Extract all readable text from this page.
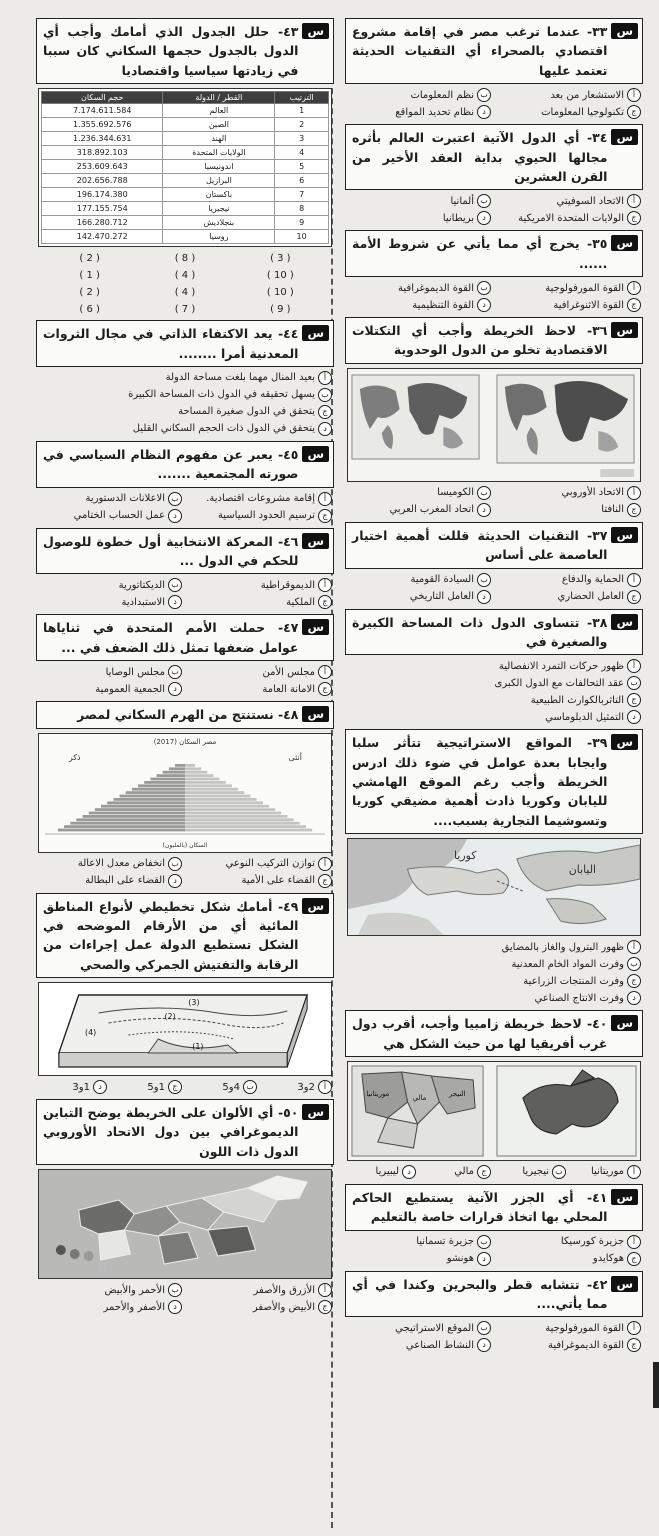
س
٣٣- عندما ترغب مصر في إقامة مشروع اقتصادي بالصحراء أي التقنيات الحديثة تعتمد عليها
أ
الاستشعار من بعد
ب
نظم المعلومات
ج
تكنولوجيا المعلومات
د
نظام تحديد المواقع
س
٣٤- أي الدول الآتية اعتبرت العالم بأثره مجالها الحيوي بداية العقد الأخير من القرن العشرين
أ
الاتحاد السوفيتي
ب
ألمانيا
ج
الولايات المتحدة الامريكية
د
بريطانيا
س
٣٥- يخرج أي مما يأتي عن شروط الأمة ......
أ
القوة المورفولوجية
ب
القوة الديموغرافية
ج
القوة الاثنوغرافية
د
القوة التنظيمية
س
٣٦- لاحظ الخريطة وأجب أي التكتلات الاقتصادية تخلو من الدول الوحدوية
أ
الاتحاد الأوروبي
ب
الكوميسا
ج
النافتا
د
اتحاد المغرب العربي
س
٣٧- التقنيات الحديثة قللت أهمية اختيار العاصمة على أساس
أ
الحماية والدفاع
ب
السيادة القومية
ج
العامل الحضاري
د
العامل التاريخي
س
٣٨- تتساوى الدول ذات المساحة الكبيرة والصغيرة في
أ
ظهور حركات التمرد الانفصالية
ب
عقد التحالفات مع الدول الكبرى
ج
التاثربالكوارث الطبيعية
د
التمثيل الدبلوماسي
س
٣٩- المواقع الاستراتيجية تتأثر سلبا وايجابا بعدة عوامل في ضوء ذلك ادرس الخريطة وأجب رغم الموقع الهامشي لليابان وكوريا ذادت أهمية مضيقي كوريا وتسوشيما التجارية بسبب....
كوريا
اليابان
أ
ظهور البترول والغاز بالمضايق
ب
وفرت المواد الخام المعدنية
ج
وفرت المنتجات الزراعية
د
وفرت الانتاج الصناعي
س
٤٠- لاحظ خريطة زامبيا وأجب، أقرب دول غرب أفريقيا لها من حيث الشكل هي
موريتانيا	مالي	النيجر
أ
موريتانيا
ب
نيجيريا
ج
مالي
د
ليبيريا
س
٤١- أي الجزر الآتية يستطيع الحاكم المحلي بها اتخاذ قرارات خاصة بالتعليم
أ
جزيرة كورسيكا
ب
جزيرة تسمانيا
ج
هوكايدو
د
هونشو
س
٤٢- تتشابه قطر والبحرين وكندا في أي مما يأتي....
أ
القوة المورفولوجية
ب
الموقع الاستراتيجي
ج
القوة الديموغرافية
د
النشاط الصناعي
س
٤٣- حلل الجدول الذي أمامك وأجب أي الدول بالجدول حجمها السكاني كان سببا في زيادتها سياسيا واقتصاديا
الترتيب	القطر / الدولة	حجم السكان
1	العالم	7.174.611.584
2	الصين	1.355.692.576
3	الهند	1.236.344.631
4	الولايات المتحدة	318.892.103
5	اندونيسيا	253.609.643
6	البرازيل	202.656.788
7	باكستان	196.174.380
8	نيجيريا	177.155.754
9	بنجلاديش	166.280.712
10	روسيا	142.470.272
( 2 )	( 8 )	( 3 )
( 1 )	( 4 )	( 10 )
( 2 )	( 4 )	( 10 )
( 6 )	( 7 )	( 9 )
س
٤٤- يعد الاكتفاء الذاتي في مجال الثروات المعدنية أمرا ........
أ
بعيد المنال مهما بلغت مساحة الدولة
ب
يسهل تحقيقه في الدول ذات المساحة الكبيرة
ج
يتحقق في الدول صغيرة المساحة
د
يتحقق في الدول ذات الحجم السكاني القليل
س
٤٥- يعبر عن مفهوم النظام السياسي في صورته المجتمعية .......
أ
إقامة مشروعات اقتصادية.
ب
الاعلانات الدستورية
ج
ترسيم الحدود السياسية
د
عمل الحساب الختامي
س
٤٦- المعركة الانتخابية أول خطوة للوصول للحكم في الدول ...
أ
الديموقراطية
ب
الديكتاتورية
ج
الملكية
د
الاستبدادية
س
٤٧- حملت الأمم المتحدة في ثناياها عوامل ضعفها تمثل ذلك الضعف في ...
أ
مجلس الأمن
ب
مجلس الوصايا
ج
الامانة العامة
د
الجمعية العمومية
س
٤٨- نستنتج من الهرم السكاني لمصر
مصر السكان (2017)
ذكر	أنثى
السكان (بالمليون)
أ
توازن التركيب النوعي
ب
انخفاض معدل الاعالة
ج
القضاء على الأمية
د
القضاء على البطالة
س
٤٩- أمامك شكل تخطيطي لأنواع المناطق المائية أي من الأرقام الموضحه في الشكل تستطيع الدولة عمل إجراءات من الرقابة والتفتيش الجمركي والصحي
(1)
(2)
(3)
(4)
أ
2و3
ب
4و5
ج
1و5
د
1و3
س
٥٠- أي الألوان على الخريطة يوضح التباين الديموغرافي بين دول الاتحاد الأوروبي الدول ذات اللون
أ
الأزرق والأصفر
ب
الأحمر والأبيض
ج
الأبيض والأصفر
د
الأصفر والأحمر
